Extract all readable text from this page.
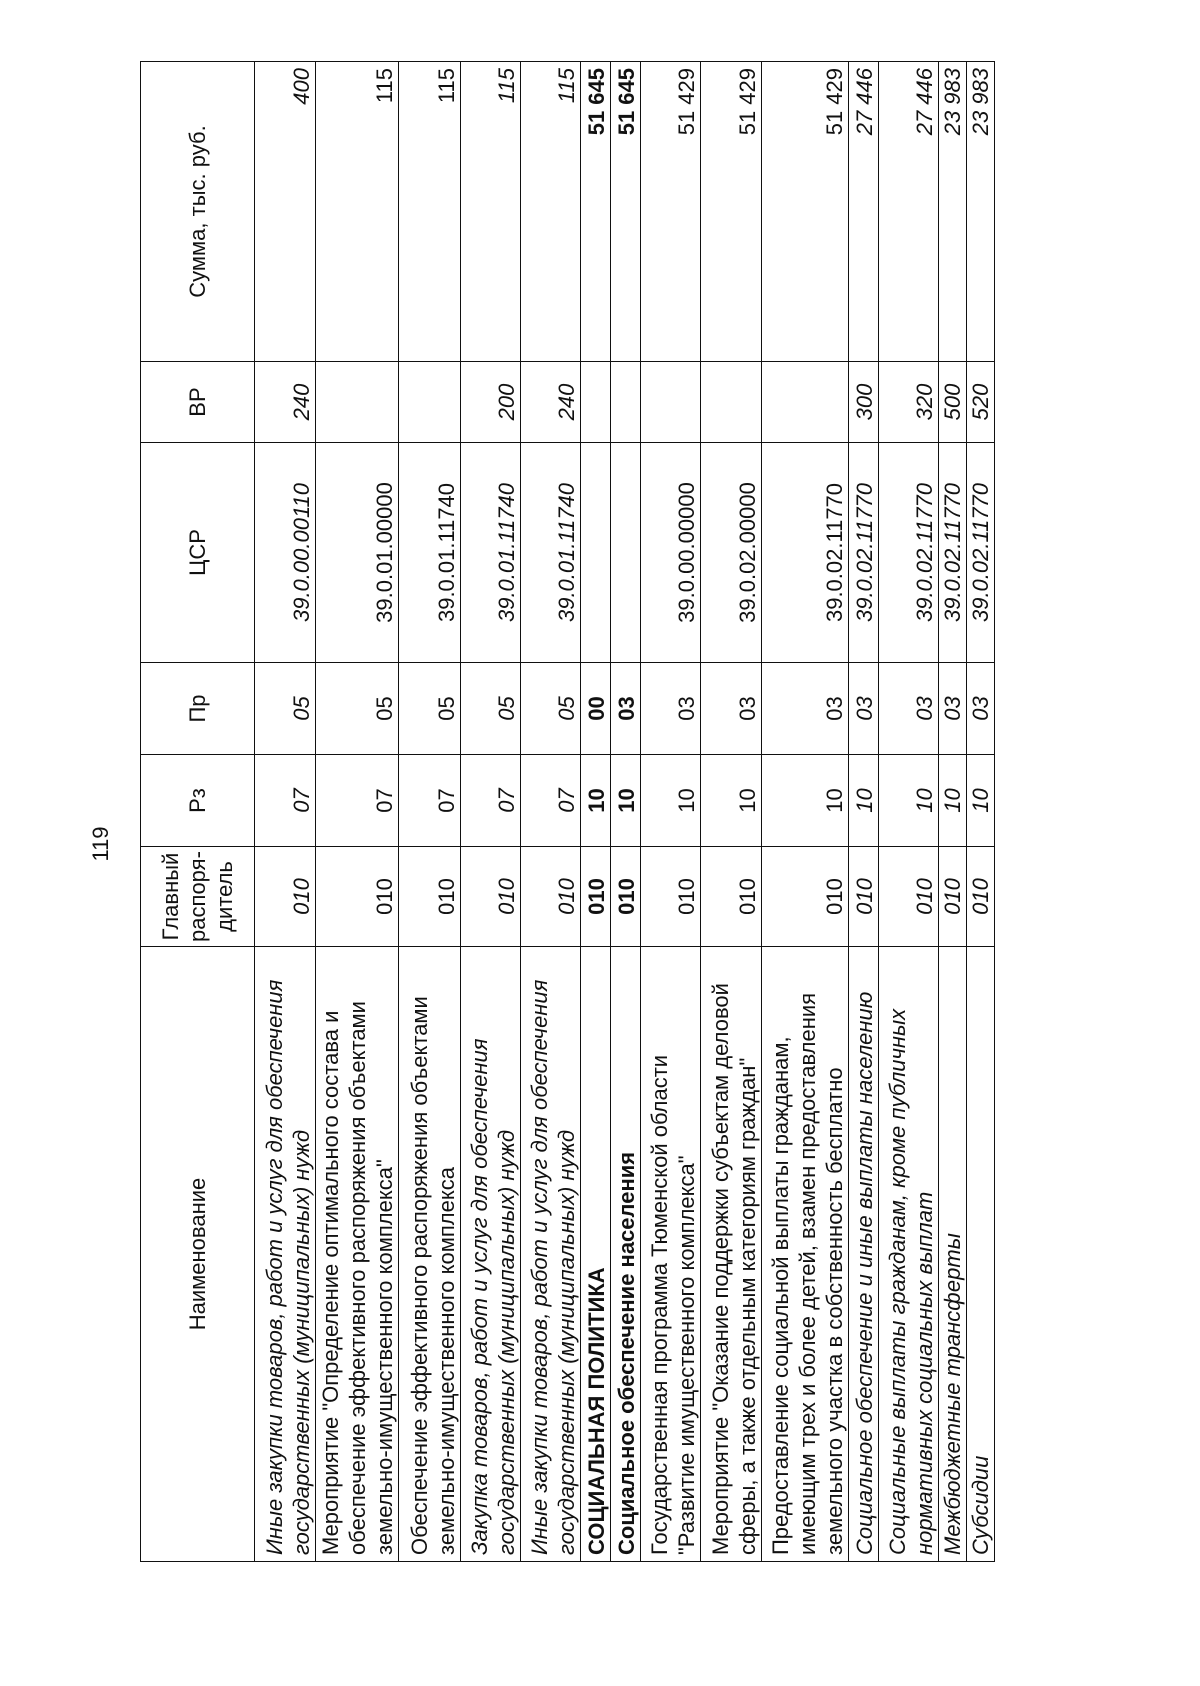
119
Наименование	Главный распоря-дитель	Рз	Пр	ЦСР	ВР	Сумма, тыс. руб.
Иные закупки товаров, работ и услуг для обеспечения государственных (муниципальных) нужд	010	07	05	39.0.00.00110	240	400
Мероприятие "Определение оптимального состава и обеспечение эффективного распоряжения объектами земельно-имущественного комплекса"	010	07	05	39.0.01.00000		115
Обеспечение эффективного распоряжения объектами земельно-имущественного комплекса	010	07	05	39.0.01.11740		115
Закупка товаров, работ и услуг для обеспечения государственных (муниципальных) нужд	010	07	05	39.0.01.11740	200	115
Иные закупки товаров, работ и услуг для обеспечения государственных (муниципальных) нужд	010	07	05	39.0.01.11740	240	115
СОЦИАЛЬНАЯ ПОЛИТИКА	010	10	00			51 645
Социальное обеспечение населения	010	10	03			51 645
Государственная программа Тюменской области "Развитие имущественного комплекса"	010	10	03	39.0.00.00000		51 429
Мероприятие "Оказание поддержки субъектам деловой сферы, а также отдельным категориям граждан"	010	10	03	39.0.02.00000		51 429
Предоставление социальной выплаты гражданам, имеющим трех и более детей, взамен предоставления земельного участка в собственность бесплатно	010	10	03	39.0.02.11770		51 429
Социальное обеспечение и иные выплаты населению	010	10	03	39.0.02.11770	300	27 446
Социальные выплаты гражданам, кроме публичных нормативных социальных выплат	010	10	03	39.0.02.11770	320	27 446
Межбюджетные трансферты	010	10	03	39.0.02.11770	500	23 983
Субсидии	010	10	03	39.0.02.11770	520	23 983
